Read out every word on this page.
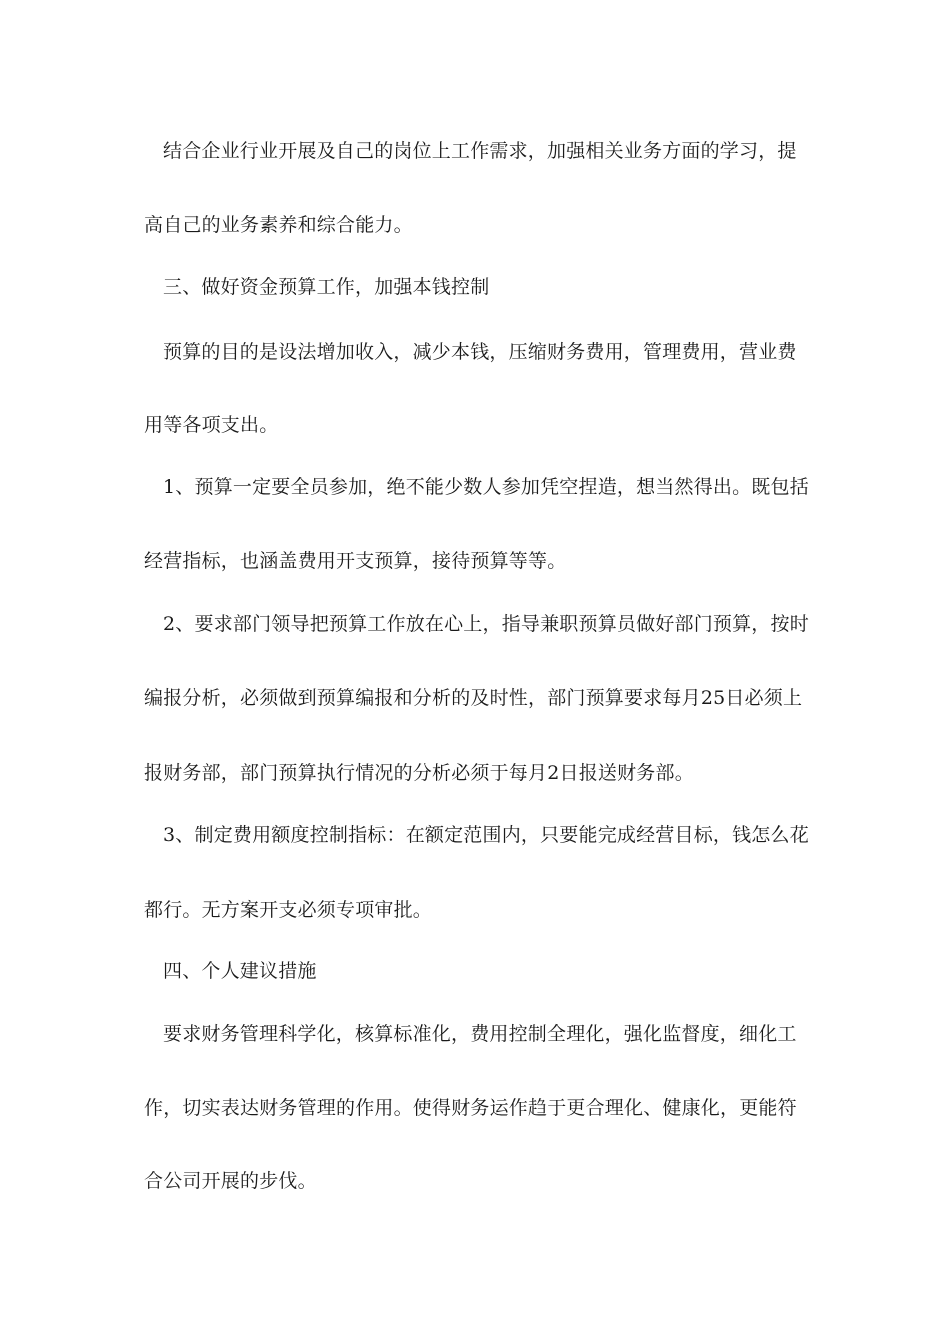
结合企业行业开展及自己的岗位上工作需求，加强相关业务方面的学习，提
高自己的业务素养和综合能力。
三、做好资金预算工作，加强本钱控制
预算的目的是设法增加收入，减少本钱，压缩财务费用，管理费用，营业费
用等各项支出。
1、预算一定要全员参加，绝不能少数人参加凭空捏造，想当然得出。既包括
经营指标，也涵盖费用开支预算，接待预算等等。
2、要求部门领导把预算工作放在心上，指导兼职预算员做好部门预算，按时
编报分析，必须做到预算编报和分析的及时性，部门预算要求每月25日必须上
报财务部，部门预算执行情况的分析必须于每月2日报送财务部。
3、制定费用额度控制指标：在额定范围内，只要能完成经营目标，钱怎么花
都行。无方案开支必须专项审批。
四、个人建议措施
要求财务管理科学化，核算标准化，费用控制全理化，强化监督度，细化工
作，切实表达财务管理的作用。使得财务运作趋于更合理化、健康化，更能符
合公司开展的步伐。
